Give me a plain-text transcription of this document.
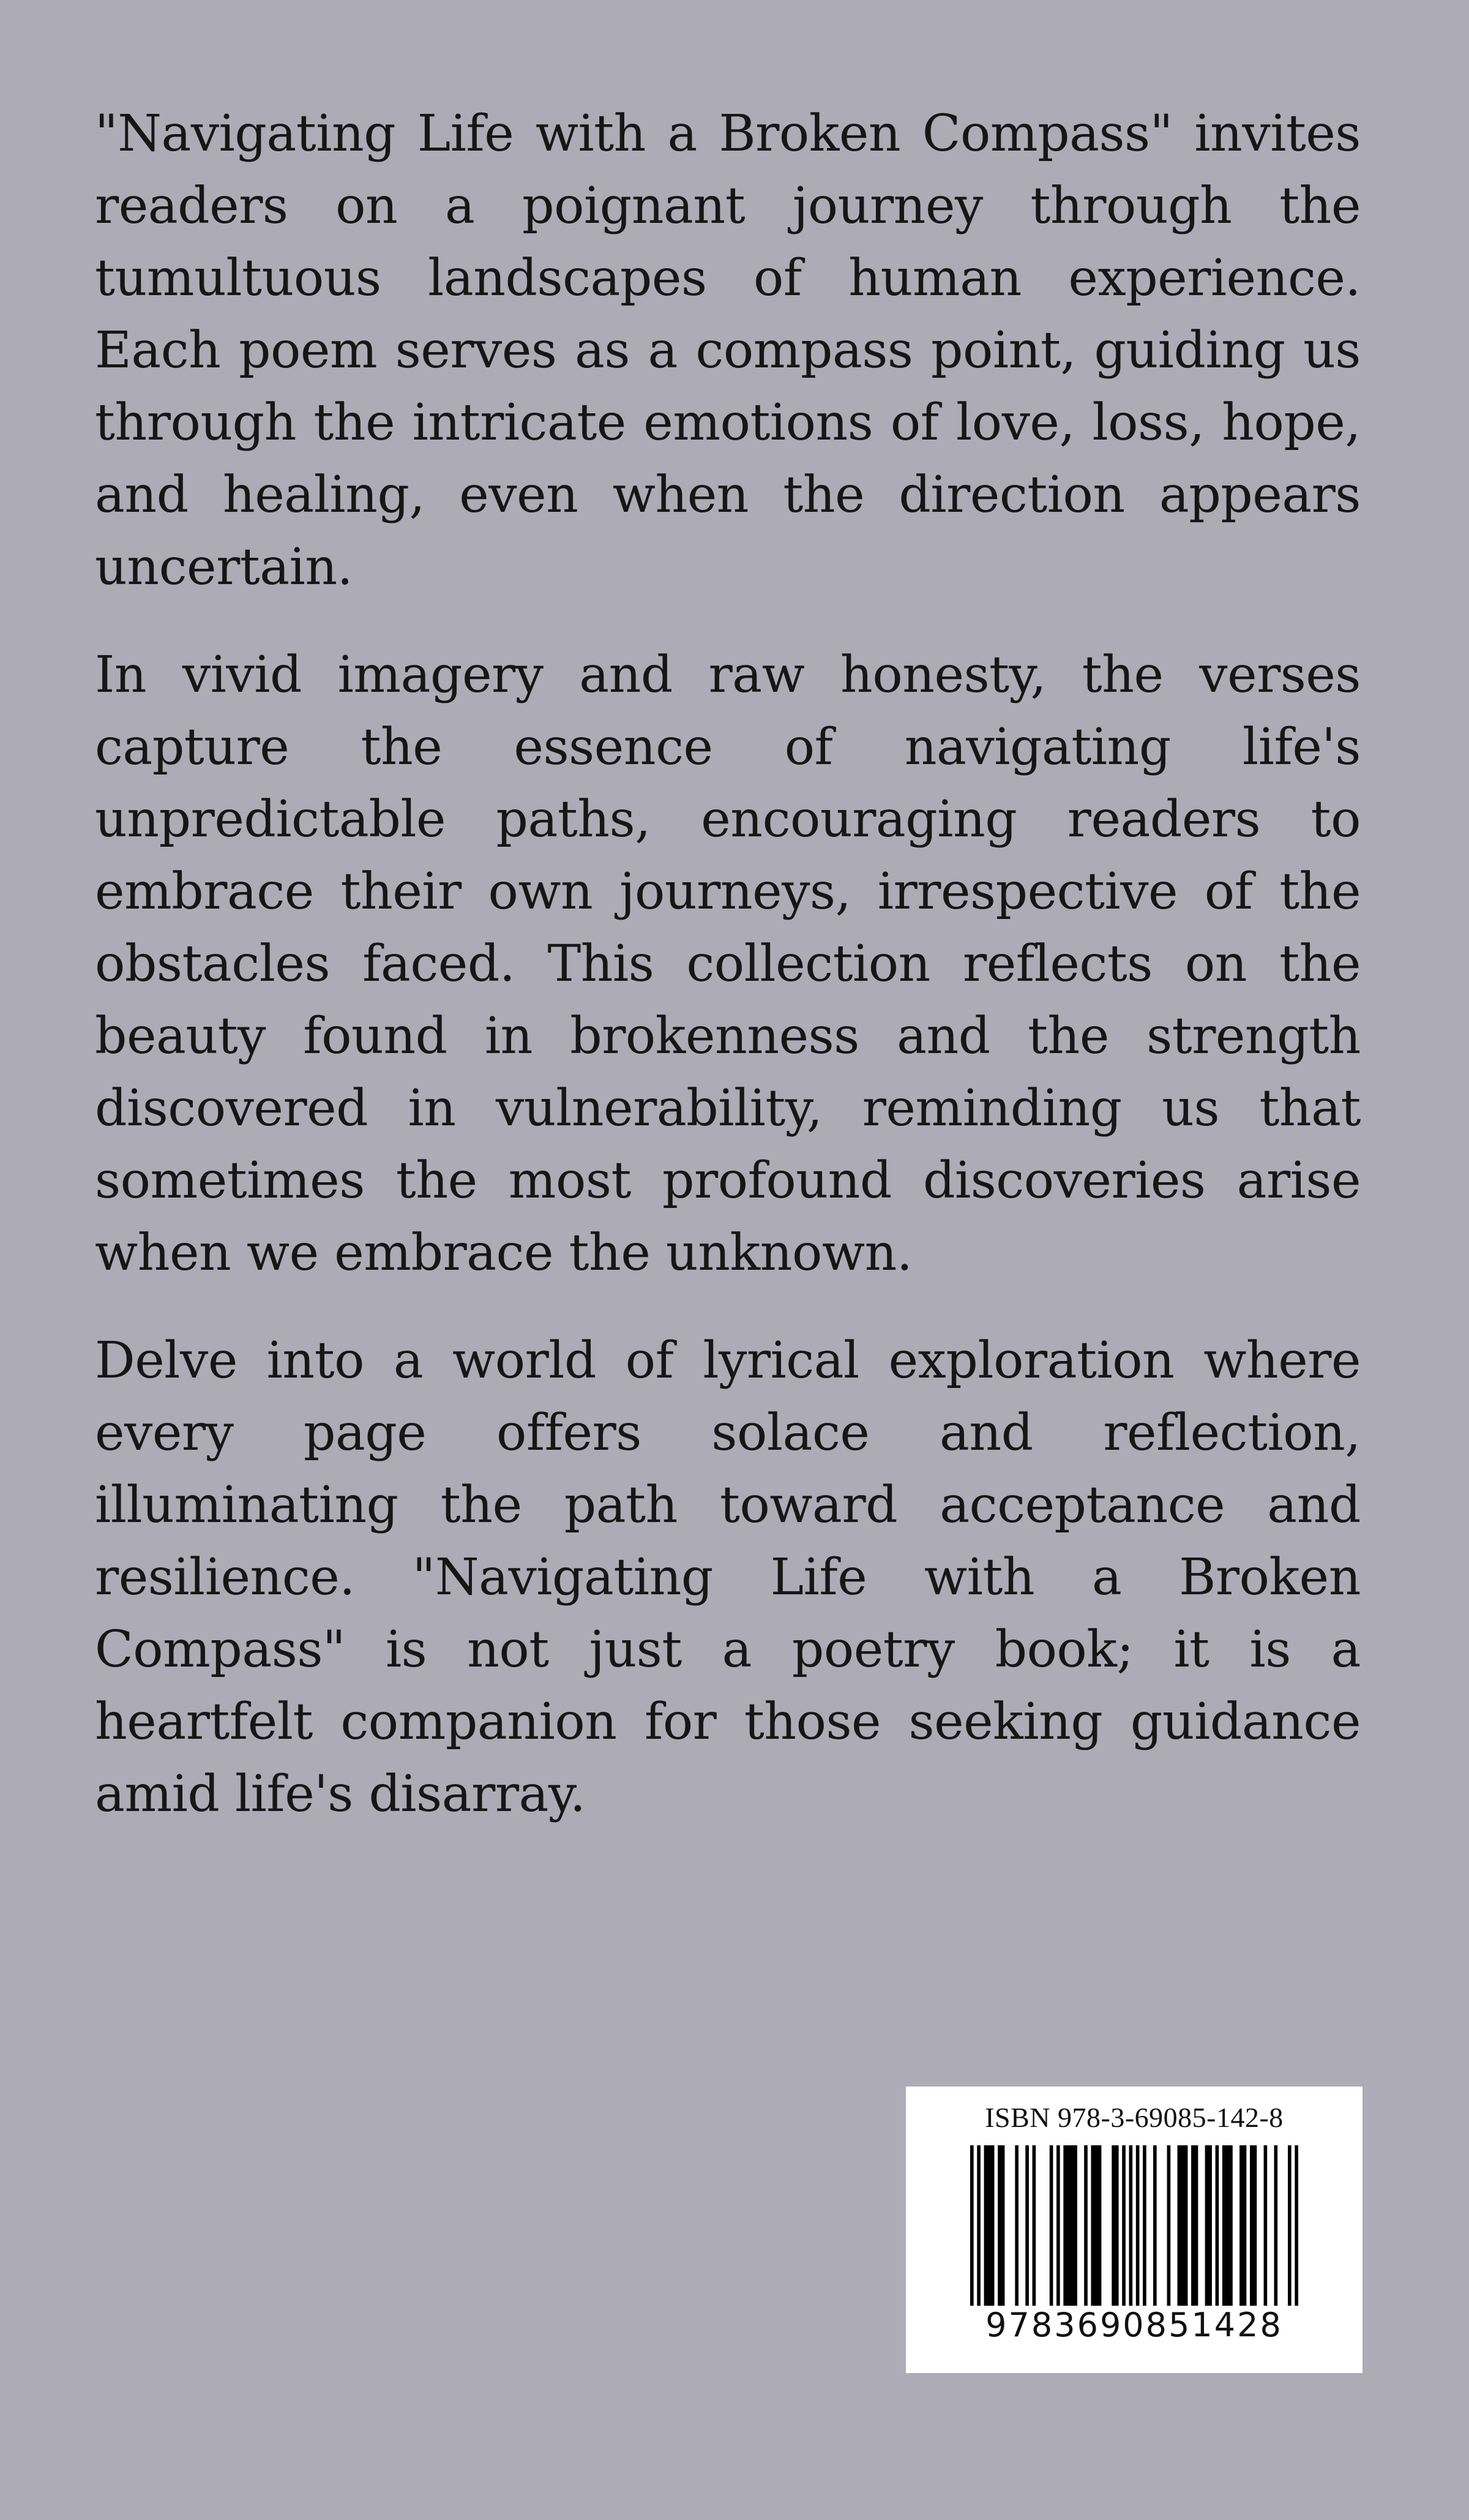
"Navigating Life with a Broken Compass" invites readers on a poignant journey through the tumultuous landscapes of human experience. Each poem serves as a compass point, guiding us through the intricate emotions of love, loss, hope, and healing, even when the direction appears uncertain.

In vivid imagery and raw honesty, the verses capture the essence of navigating life's unpredictable paths, encouraging readers to embrace their own journeys, irrespective of the obstacles faced. This collection reflects on the beauty found in brokenness and the strength discovered in vulnerability, reminding us that sometimes the most profound discoveries arise when we embrace the unknown.

Delve into a world of lyrical exploration where every page offers solace and reflection, illuminating the path toward acceptance and resilience. "Navigating Life with a Broken Compass" is not just a poetry book; it is a heartfelt companion for those seeking guidance amid life's disarray.

ISBN 978-3-69085-142-8
9783690851428
